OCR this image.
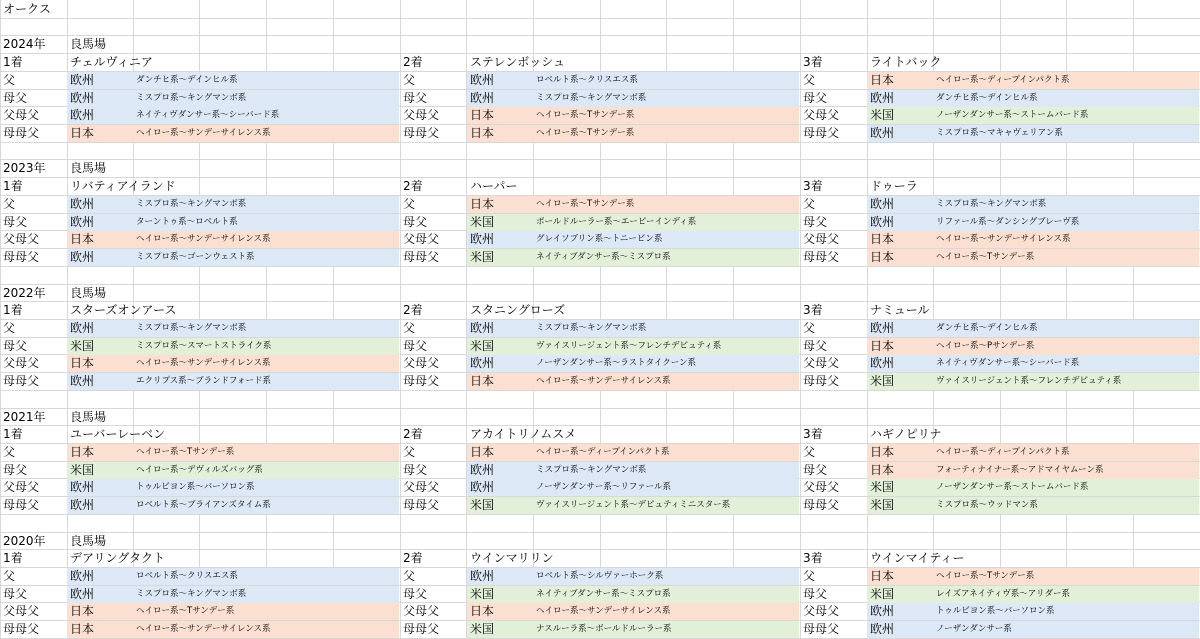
オークス
2024年 良馬場
1着	チェルヴィニア
父	欧州	ダンチヒ系～デインヒル系
母父	欧州	ミスプロ系～キングマンボ系
父母父	欧州	ネイティヴダンサー系～シーバード系
母母父	日本	ヘイロー系～サンデーサイレンス系
2着	ステレンボッシュ
父	欧州	ロベルト系～クリスエス系
母父	欧州	ミスプロ系～キングマンボ系
父母父	日本	ヘイロー系～Tサンデー系
母母父	日本	ヘイロー系～Tサンデー系
3着	ライトバック
父	日本	ヘイロー系～ディープインパクト系
母父	欧州	ダンチヒ系～デインヒル系
父母父	米国	ノーザンダンサー系～ストームバード系
母母父	欧州	ミスプロ系～マキャヴェリアン系
2023年 良馬場
1着	リバティアイランド
父	欧州	ミスプロ系～キングマンボ系
母父	欧州	ターントゥ系～ロベルト系
父母父	日本	ヘイロー系～サンデーサイレンス系
母母父	欧州	ミスプロ系～ゴーンウェスト系
2着	ハーパー
父	日本	ヘイロー系～Tサンデー系
母父	米国	ボールドルーラー系～エーピーインディ系
父母父	欧州	グレイソブリン系～トニービン系
母母父	米国	ネイティブダンサー系～ミスプロ系
3着	ドゥーラ
父	欧州	ミスプロ系～キングマンボ系
母父	欧州	リファール系～ダンシングブレーヴ系
父母父	日本	ヘイロー系～サンデーサイレンス系
母母父	日本	ヘイロー系～Tサンデー系
2022年 良馬場
1着	スターズオンアース
父	欧州	ミスプロ系～キングマンボ系
母父	米国	ミスプロ系～スマートストライク系
父母父	日本	ヘイロー系～サンデーサイレンス系
母母父	欧州	エクリプス系～ブランドフォード系
2着	スタニングローズ
父	欧州	ミスプロ系～キングマンボ系
母父	米国	ヴァイスリージェント系～フレンチデピュティ系
父母父	欧州	ノーザンダンサー系～ラストタイクーン系
母母父	日本	ヘイロー系～サンデーサイレンス系
3着	ナミュール
父	欧州	ダンチヒ系～デインヒル系
母父	日本	ヘイロー系～Pサンデー系
父母父	欧州	ネイティヴダンサー系～シーバード系
母母父	米国	ヴァイスリージェント系～フレンチデピュティ系
2021年 良馬場
1着	ユーバーレーベン
父	日本	ヘイロー系～Tサンデー系
母父	米国	ヘイロー系～デヴィルズバッグ系
父母父	欧州	トゥルビヨン系～バーソロン系
母母父	欧州	ロベルト系～ブライアンズタイム系
2着	アカイトリノムスメ
父	日本	ヘイロー系～ディープインパクト系
母父	欧州	ミスプロ系～キングマンボ系
父母父	欧州	ノーザンダンサー系～リファール系
母母父	米国	ヴァイスリージェント系～デピュティミニスター系
3着	ハギノピリナ
父	日本	ヘイロー系～ディープインパクト系
母父	日本	フォーティナイナー系～アドマイヤムーン系
父母父	米国	ノーザンダンサー系～ストームバード系
母母父	米国	ミスプロ系～ウッドマン系
2020年 良馬場
1着	デアリングタクト
父	欧州	ロベルト系～クリスエス系
母父	欧州	ミスプロ系～キングマンボ系
父母父	日本	ヘイロー系～Tサンデー系
母母父	日本	ヘイロー系～サンデーサイレンス系
2着	ウインマリリン
父	欧州	ロベルト系～シルヴァーホーク系
母父	米国	ネイティブダンサー系～ミスプロ系
父母父	日本	ヘイロー系～サンデーサイレンス系
母母父	米国	ナスルーラ系～ボールドルーラー系
3着	ウインマイティー
父	日本	ヘイロー系～Tサンデー系
母父	米国	レイズアネイティヴ系～アリダー系
父母父	欧州	トゥルビヨン系～バーソロン系
母母父	欧州	ノーザンダンサー系
